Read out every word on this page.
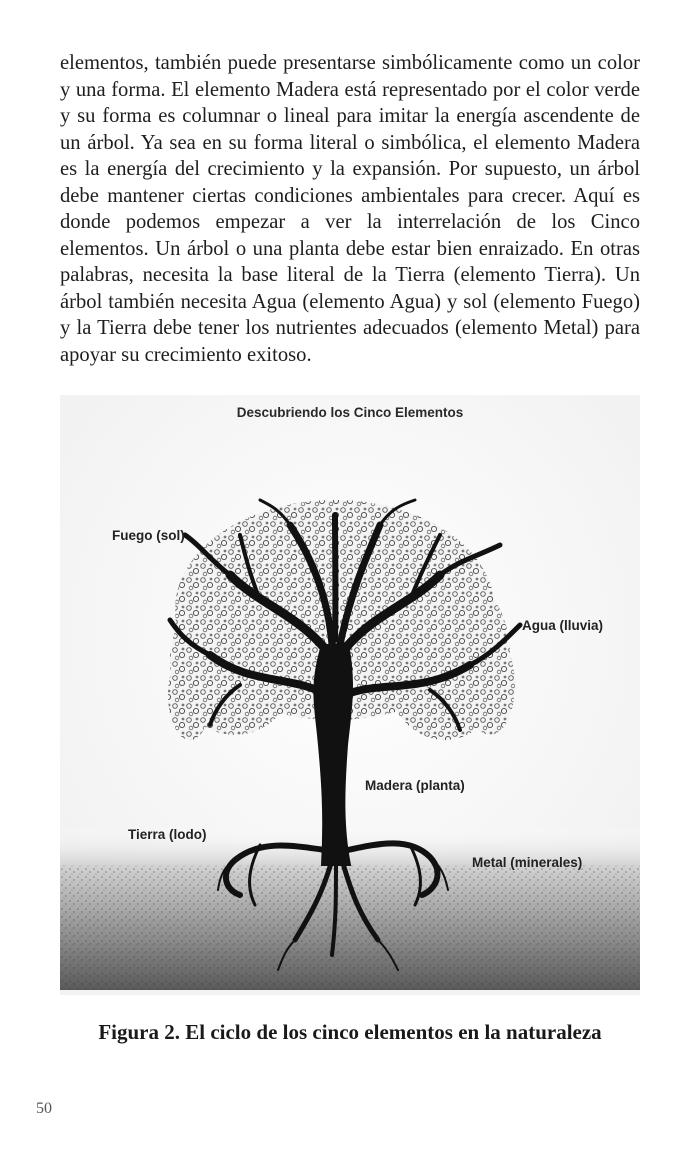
elementos, también puede presentarse simbólicamente como un color y una forma. El elemento Madera está representado por el color verde y su forma es columnar o lineal para imitar la energía ascendente de un árbol. Ya sea en su forma literal o simbólica, el elemento Madera es la energía del crecimiento y la expansión. Por supuesto, un árbol debe mantener ciertas condiciones ambientales para crecer. Aquí es donde podemos empezar a ver la interrelación de los Cinco elementos. Un árbol o una planta debe estar bien enraizado. En otras palabras, necesita la base literal de la Tierra (elemento Tierra). Un árbol también necesita Agua (elemento Agua) y sol (elemento Fuego) y la Tierra debe tener los nutrientes adecuados (elemento Metal) para apoyar su crecimiento exitoso.

Descubriendo los Cinco Elementos
Fuego (sol)
Agua (lluvia)
Madera (planta)
Tierra (lodo)
Metal (minerales)
Figura 2. El ciclo de los cinco elementos en la naturaleza
50
